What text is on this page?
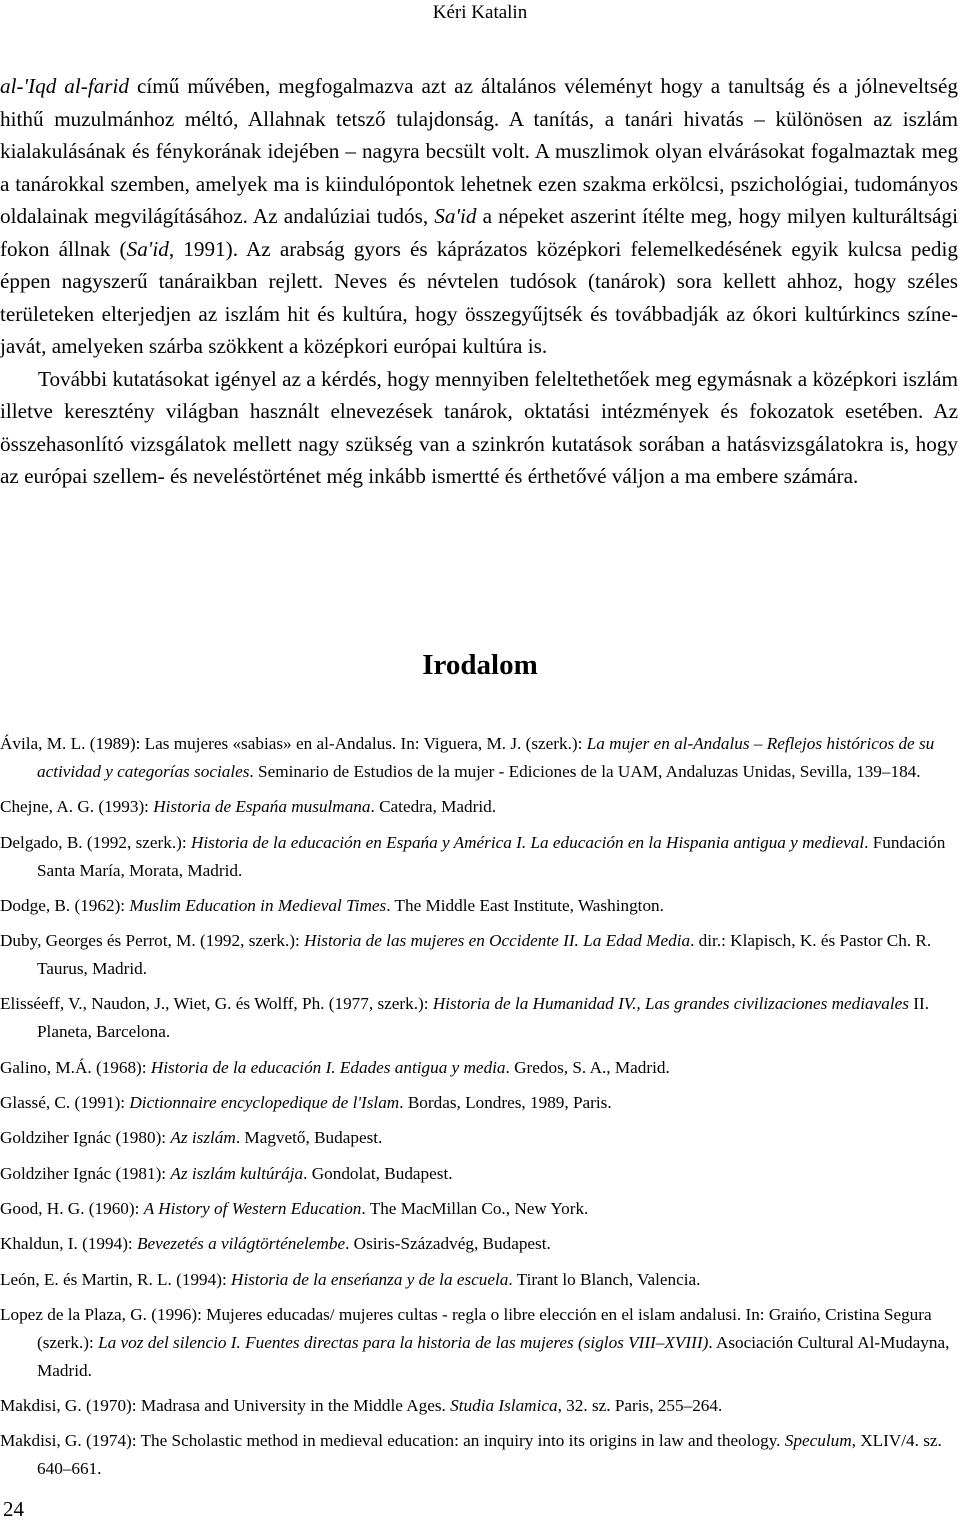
Kéri Katalin

al-'Iqd al-farid című művében, megfogalmazva azt az általános véleményt hogy a tanultság és a jólneveltség hithű muzulmánhoz méltó, Allahnak tetsző tulajdonság. A tanítás, a tanári hivatás – különösen az iszlám kialakulásának és fénykorának idejében – nagyra becsült volt. A muszlimok olyan elvárásokat fogalmaztak meg a tanárokkal szemben, amelyek ma is kiindulópontok lehetnek ezen szakma erkölcsi, pszichológiai, tudományos oldalainak megvilágításához. Az andalúziai tudós, Sa'id a népeket aszerint ítélte meg, hogy milyen kulturáltsági fokon állnak (Sa'id, 1991). Az arabság gyors és káprázatos középkori felemelkedésének egyik kulcsa pedig éppen nagyszerű tanáraikban rejlett. Neves és névtelen tudósok (tanárok) sora kellett ahhoz, hogy széles területeken elterjedjen az iszlám hit és kultúra, hogy összegyűjtsék és továbbadják az ókori kultúrkincs színe-javát, amelyeken szárba szökkent a középkori európai kultúra is.

További kutatásokat igényel az a kérdés, hogy mennyiben feleltethetőek meg egymásnak a középkori iszlám illetve keresztény világban használt elnevezések tanárok, oktatási intézmények és fokozatok esetében. Az összehasonlító vizsgálatok mellett nagy szükség van a szinkrón kutatások sorában a hatásvizsgálatokra is, hogy az európai szellem- és neveléstörténet még inkább ismertté és érthetővé váljon a ma embere számára.

Irodalom
Ávila, M. L. (1989): Las mujeres «sabias» en al-Andalus. In: Viguera, M. J. (szerk.): La mujer en al-Andalus – Reflejos históricos de su actividad y categorías sociales. Seminario de Estudios de la mujer - Ediciones de la UAM, Andaluzas Unidas, Sevilla, 139–184.
Chejne, A. G. (1993): Historia de Espańa musulmana. Catedra, Madrid.
Delgado, B. (1992, szerk.): Historia de la educación en Espańa y América I. La educación en la Hispania antigua y medieval. Fundación Santa María, Morata, Madrid.
Dodge, B. (1962): Muslim Education in Medieval Times. The Middle East Institute, Washington.
Duby, Georges és Perrot, M. (1992, szerk.): Historia de las mujeres en Occidente II. La Edad Media. dir.: Klapisch, K. és Pastor Ch. R. Taurus, Madrid.
Elisséeff, V., Naudon, J., Wiet, G. és Wolff, Ph. (1977, szerk.): Historia de la Humanidad IV., Las grandes civilizaciones mediavales II. Planeta, Barcelona.
Galino, M.Á. (1968): Historia de la educación I. Edades antigua y media. Gredos, S. A., Madrid.
Glassé, C. (1991): Dictionnaire encyclopedique de l'Islam. Bordas, Londres, 1989, Paris.
Goldziher Ignác (1980): Az iszlám. Magvető, Budapest.
Goldziher Ignác (1981): Az iszlám kultúrája. Gondolat, Budapest.
Good, H. G. (1960): A History of Western Education. The MacMillan Co., New York.
Khaldun, I. (1994): Bevezetés a világtörténelembe. Osiris-Századvég, Budapest.
León, E. és Martin, R. L. (1994): Historia de la enseńanza y de la escuela. Tirant lo Blanch, Valencia.
Lopez de la Plaza, G. (1996): Mujeres educadas/ mujeres cultas - regla o libre elección en el islam andalusi. In: Graińo, Cristina Segura (szerk.): La voz del silencio I. Fuentes directas para la historia de las mujeres (siglos VIII–XVIII). Asociación Cultural Al-Mudayna, Madrid.
Makdisi, G. (1970): Madrasa and University in the Middle Ages. Studia Islamica, 32. sz. Paris, 255–264.
Makdisi, G. (1974): The Scholastic method in medieval education: an inquiry into its origins in law and theology. Speculum, XLIV/4. sz. 640–661.
24
